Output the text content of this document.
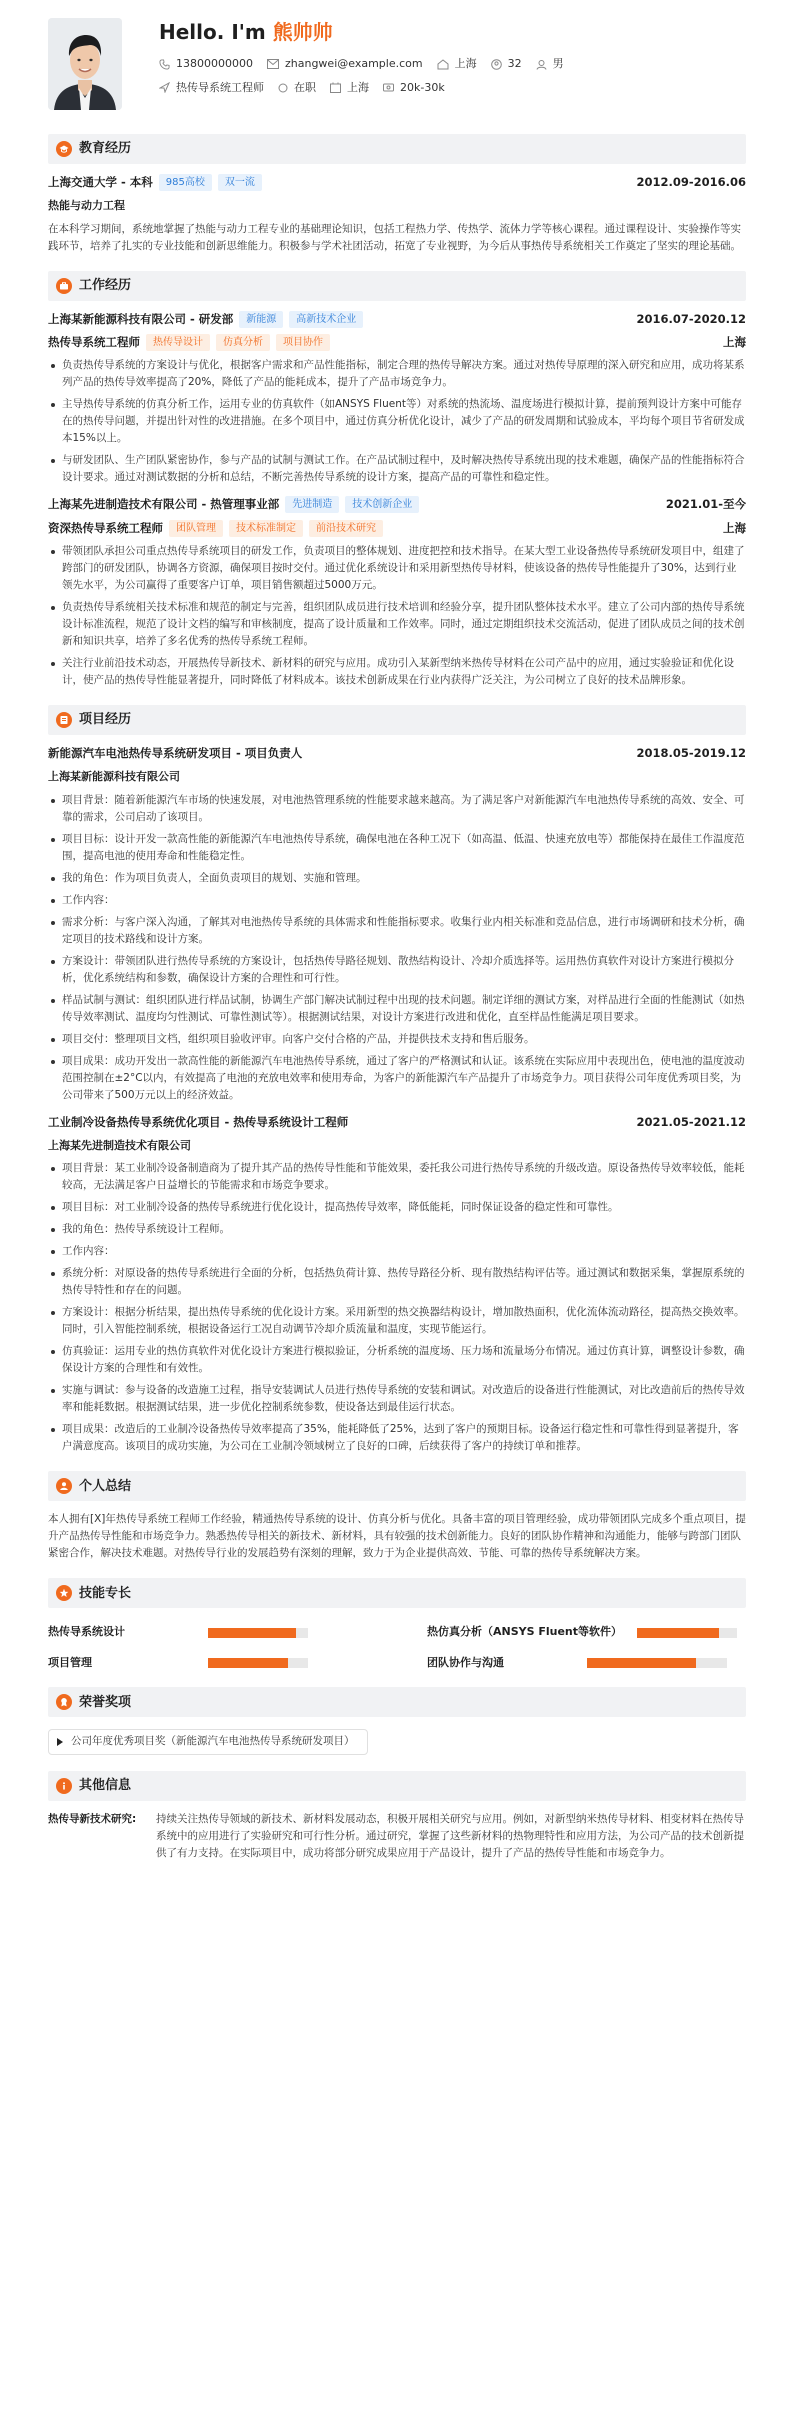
Hello. I'm 熊帅帅
13800000000	zhangwei@example.com	上海	32	男
热传导系统工程师	在职	上海	20k-30k
教育经历
上海交通大学 - 本科 985高校 双一流	2012.09-2016.06
热能与动力工程
在本科学习期间，系统地掌握了热能与动力工程专业的基础理论知识，包括工程热力学、传热学、流体力学等核心课程。通过课程设计、实验操作等实践环节，培养了扎实的专业技能和创新思维能力。积极参与学术社团活动，拓宽了专业视野，为今后从事热传导系统相关工作奠定了坚实的理论基础。
工作经历
上海某新能源科技有限公司 - 研发部 新能源 高新技术企业	2016.07-2020.12
热传导系统工程师 热传导设计 仿真分析 项目协作	上海
负责热传导系统的方案设计与优化，根据客户需求和产品性能指标，制定合理的热传导解决方案。通过对热传导原理的深入研究和应用，成功将某系列产品的热传导效率提高了20%，降低了产品的能耗成本，提升了产品市场竞争力。
主导热传导系统的仿真分析工作，运用专业的仿真软件（如ANSYS Fluent等）对系统的热流场、温度场进行模拟计算，提前预判设计方案中可能存在的热传导问题，并提出针对性的改进措施。在多个项目中，通过仿真分析优化设计，减少了产品的研发周期和试验成本，平均每个项目节省研发成本15%以上。
与研发团队、生产团队紧密协作，参与产品的试制与测试工作。在产品试制过程中，及时解决热传导系统出现的技术难题，确保产品的性能指标符合设计要求。通过对测试数据的分析和总结，不断完善热传导系统的设计方案，提高产品的可靠性和稳定性。
上海某先进制造技术有限公司 - 热管理事业部 先进制造 技术创新企业	2021.01-至今
资深热传导系统工程师 团队管理 技术标准制定 前沿技术研究	上海
带领团队承担公司重点热传导系统项目的研发工作，负责项目的整体规划、进度把控和技术指导。在某大型工业设备热传导系统研发项目中，组建了跨部门的研发团队，协调各方资源，确保项目按时交付。通过优化系统设计和采用新型热传导材料，使该设备的热传导性能提升了30%，达到行业领先水平，为公司赢得了重要客户订单，项目销售额超过5000万元。
负责热传导系统相关技术标准和规范的制定与完善，组织团队成员进行技术培训和经验分享，提升团队整体技术水平。建立了公司内部的热传导系统设计标准流程，规范了设计文档的编写和审核制度，提高了设计质量和工作效率。同时，通过定期组织技术交流活动，促进了团队成员之间的技术创新和知识共享，培养了多名优秀的热传导系统工程师。
关注行业前沿技术动态，开展热传导新技术、新材料的研究与应用。成功引入某新型纳米热传导材料在公司产品中的应用，通过实验验证和优化设计，使产品的热传导性能显著提升，同时降低了材料成本。该技术创新成果在行业内获得广泛关注，为公司树立了良好的技术品牌形象。
项目经历
新能源汽车电池热传导系统研发项目 - 项目负责人	2018.05-2019.12
上海某新能源科技有限公司
项目背景：随着新能源汽车市场的快速发展，对电池热管理系统的性能要求越来越高。为了满足客户对新能源汽车电池热传导系统的高效、安全、可靠的需求，公司启动了该项目。
项目目标：设计开发一款高性能的新能源汽车电池热传导系统，确保电池在各种工况下（如高温、低温、快速充放电等）都能保持在最佳工作温度范围，提高电池的使用寿命和性能稳定性。
我的角色：作为项目负责人，全面负责项目的规划、实施和管理。
工作内容：
需求分析：与客户深入沟通，了解其对电池热传导系统的具体需求和性能指标要求。收集行业内相关标准和竞品信息，进行市场调研和技术分析，确定项目的技术路线和设计方案。
方案设计：带领团队进行热传导系统的方案设计，包括热传导路径规划、散热结构设计、冷却介质选择等。运用热仿真软件对设计方案进行模拟分析，优化系统结构和参数，确保设计方案的合理性和可行性。
样品试制与测试：组织团队进行样品试制，协调生产部门解决试制过程中出现的技术问题。制定详细的测试方案，对样品进行全面的性能测试（如热传导效率测试、温度均匀性测试、可靠性测试等）。根据测试结果，对设计方案进行改进和优化，直至样品性能满足项目要求。
项目交付：整理项目文档，组织项目验收评审。向客户交付合格的产品，并提供技术支持和售后服务。
项目成果：成功开发出一款高性能的新能源汽车电池热传导系统，通过了客户的严格测试和认证。该系统在实际应用中表现出色，使电池的温度波动范围控制在±2°C以内，有效提高了电池的充放电效率和使用寿命，为客户的新能源汽车产品提升了市场竞争力。项目获得公司年度优秀项目奖，为公司带来了500万元以上的经济效益。
工业制冷设备热传导系统优化项目 - 热传导系统设计工程师	2021.05-2021.12
上海某先进制造技术有限公司
项目背景：某工业制冷设备制造商为了提升其产品的热传导性能和节能效果，委托我公司进行热传导系统的升级改造。原设备热传导效率较低，能耗较高，无法满足客户日益增长的节能需求和市场竞争要求。
项目目标：对工业制冷设备的热传导系统进行优化设计，提高热传导效率，降低能耗，同时保证设备的稳定性和可靠性。
我的角色：热传导系统设计工程师。
工作内容：
系统分析：对原设备的热传导系统进行全面的分析，包括热负荷计算、热传导路径分析、现有散热结构评估等。通过测试和数据采集，掌握原系统的热传导特性和存在的问题。
方案设计：根据分析结果，提出热传导系统的优化设计方案。采用新型的热交换器结构设计，增加散热面积，优化流体流动路径，提高热交换效率。同时，引入智能控制系统，根据设备运行工况自动调节冷却介质流量和温度，实现节能运行。
仿真验证：运用专业的热仿真软件对优化设计方案进行模拟验证，分析系统的温度场、压力场和流量场分布情况。通过仿真计算，调整设计参数，确保设计方案的合理性和有效性。
实施与调试：参与设备的改造施工过程，指导安装调试人员进行热传导系统的安装和调试。对改造后的设备进行性能测试，对比改造前后的热传导效率和能耗数据。根据测试结果，进一步优化控制系统参数，使设备达到最佳运行状态。
项目成果：改造后的工业制冷设备热传导效率提高了35%，能耗降低了25%，达到了客户的预期目标。设备运行稳定性和可靠性得到显著提升，客户满意度高。该项目的成功实施，为公司在工业制冷领域树立了良好的口碑，后续获得了客户的持续订单和推荐。
个人总结
本人拥有[X]年热传导系统工程师工作经验，精通热传导系统的设计、仿真分析与优化。具备丰富的项目管理经验，成功带领团队完成多个重点项目，提升产品热传导性能和市场竞争力。熟悉热传导相关的新技术、新材料，具有较强的技术创新能力。良好的团队协作精神和沟通能力，能够与跨部门团队紧密合作，解决技术难题。对热传导行业的发展趋势有深刻的理解，致力于为企业提供高效、节能、可靠的热传导系统解决方案。
技能专长
热传导系统设计	热仿真分析（ANSYS Fluent等软件）
项目管理	团队协作与沟通
荣誉奖项
公司年度优秀项目奖（新能源汽车电池热传导系统研发项目）
其他信息
热传导新技术研究:	持续关注热传导领域的新技术、新材料发展动态，积极开展相关研究与应用。例如，对新型纳米热传导材料、相变材料在热传导系统中的应用进行了实验研究和可行性分析。通过研究，掌握了这些新材料的热物理特性和应用方法，为公司产品的技术创新提供了有力支持。在实际项目中，成功将部分研究成果应用于产品设计，提升了产品的热传导性能和市场竞争力。
